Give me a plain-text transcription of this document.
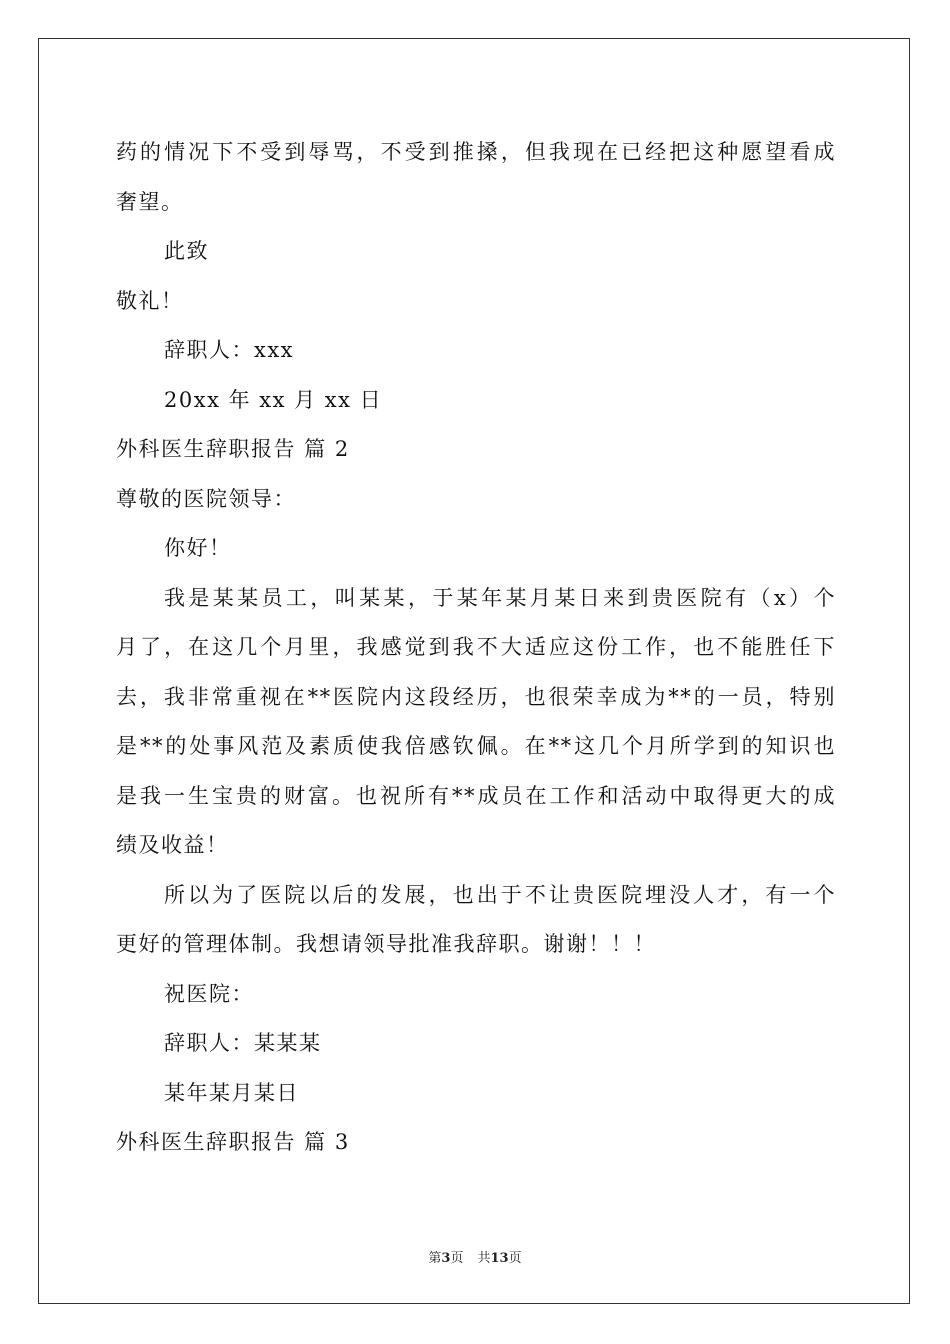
药的情况下不受到辱骂，不受到推搡，但我现在已经把这种愿望看成
奢望。
此致
敬礼！
辞职人：xxx
20xx 年 xx 月 xx 日
外科医生辞职报告 篇 2
尊敬的医院领导：
你好！
我是某某员工，叫某某，于某年某月某日来到贵医院有（x）个
月了，在这几个月里，我感觉到我不大适应这份工作，也不能胜任下
去，我非常重视在**医院内这段经历，也很荣幸成为**的一员，特别
是**的处事风范及素质使我倍感钦佩。在**这几个月所学到的知识也
是我一生宝贵的财富。也祝所有**成员在工作和活动中取得更大的成
绩及收益！
所以为了医院以后的发展，也出于不让贵医院埋没人才，有一个
更好的管理体制。我想请领导批准我辞职。谢谢！！！
祝医院：
辞职人：某某某
某年某月某日
外科医生辞职报告 篇 3
第3页 共13页
